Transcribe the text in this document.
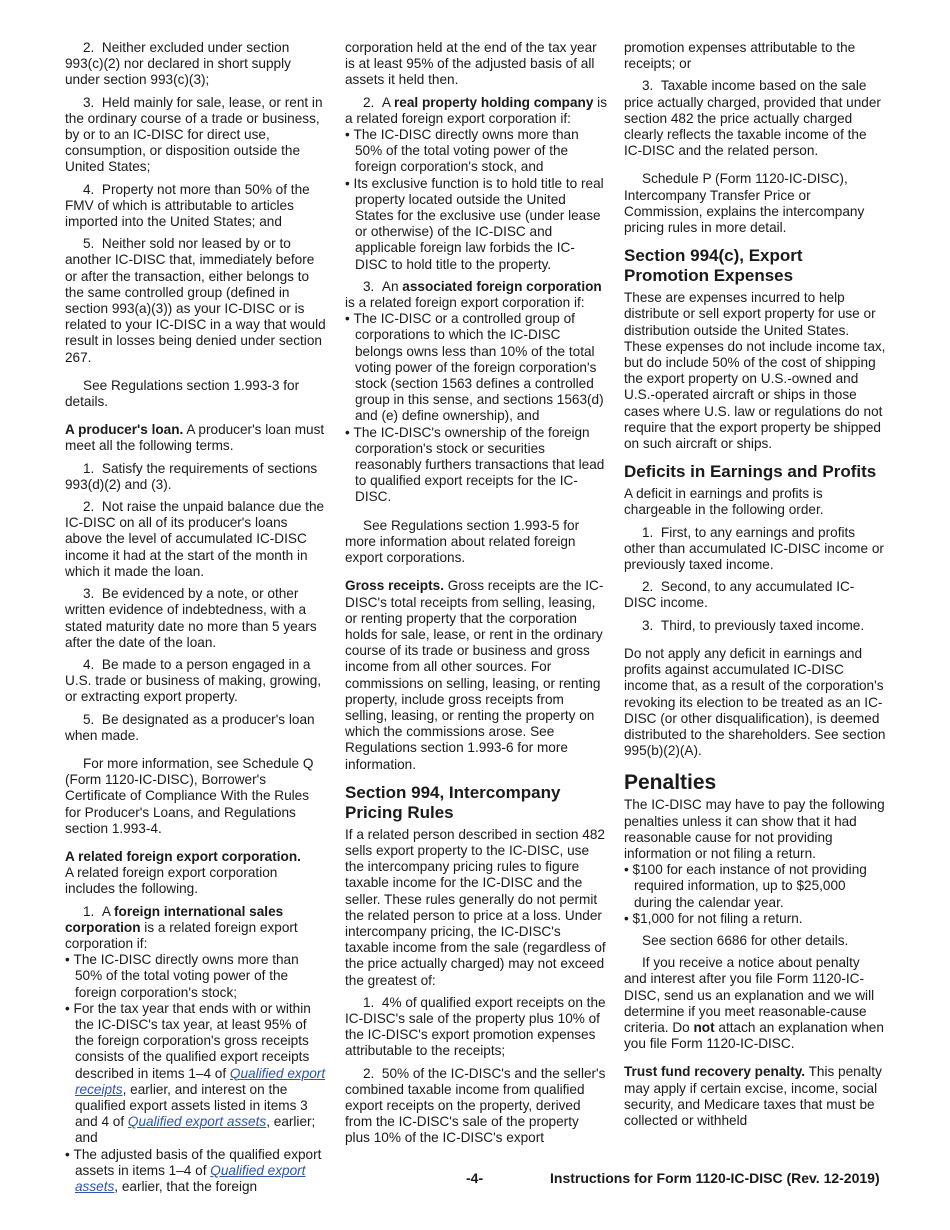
2.  Neither excluded under section 993(c)(2) nor declared in short supply under section 993(c)(3);

3.  Held mainly for sale, lease, or rent in the ordinary course of a trade or business, by or to an IC-DISC for direct use, consumption, or disposition outside the United States;

4.  Property not more than 50% of the FMV of which is attributable to articles imported into the United States; and

5.  Neither sold nor leased by or to another IC-DISC that, immediately before or after the transaction, either belongs to the same controlled group (defined in section 993(a)(3)) as your IC-DISC or is related to your IC-DISC in a way that would result in losses being denied under section 267.

See Regulations section 1.993-3 for details.

A producer's loan. A producer's loan must meet all the following terms.

1.  Satisfy the requirements of sections 993(d)(2) and (3).

2.  Not raise the unpaid balance due the IC-DISC on all of its producer's loans above the level of accumulated IC-DISC income it had at the start of the month in which it made the loan.

3.  Be evidenced by a note, or other written evidence of indebtedness, with a stated maturity date no more than 5 years after the date of the loan.

4.  Be made to a person engaged in a U.S. trade or business of making, growing, or extracting export property.

5.  Be designated as a producer's loan when made.

For more information, see Schedule Q (Form 1120-IC-DISC), Borrower's Certificate of Compliance With the Rules for Producer's Loans, and Regulations section 1.993-4.

A related foreign export corporation.
A related foreign export corporation includes the following.

1.  A foreign international sales corporation is a related foreign export corporation if:

• The IC-DISC directly owns more than 50% of the total voting power of the foreign corporation's stock;

• For the tax year that ends with or within the IC-DISC's tax year, at least 95% of the foreign corporation's gross receipts consists of the qualified export receipts described in items 1–4 of Qualified export receipts, earlier, and interest on the qualified export assets listed in items 3 and 4 of Qualified export assets, earlier; and

• The adjusted basis of the qualified export assets in items 1–4 of Qualified export assets, earlier, that the foreign

corporation held at the end of the tax year is at least 95% of the adjusted basis of all assets it held then.

2.  A real property holding company is a related foreign export corporation if:

• The IC-DISC directly owns more than 50% of the total voting power of the foreign corporation's stock, and

• Its exclusive function is to hold title to real property located outside the United States for the exclusive use (under lease or otherwise) of the IC-DISC and applicable foreign law forbids the IC-DISC to hold title to the property.

3.  An associated foreign corporation is a related foreign export corporation if:

• The IC-DISC or a controlled group of corporations to which the IC-DISC belongs owns less than 10% of the total voting power of the foreign corporation's stock (section 1563 defines a controlled group in this sense, and sections 1563(d) and (e) define ownership), and

• The IC-DISC's ownership of the foreign corporation's stock or securities reasonably furthers transactions that lead to qualified export receipts for the IC-DISC.

See Regulations section 1.993-5 for more information about related foreign export corporations.

Gross receipts. Gross receipts are the IC-DISC's total receipts from selling, leasing, or renting property that the corporation holds for sale, lease, or rent in the ordinary course of its trade or business and gross income from all other sources. For commissions on selling, leasing, or renting property, include gross receipts from selling, leasing, or renting the property on which the commissions arose. See Regulations section 1.993-6 for more information.

Section 994, Intercompany Pricing Rules

If a related person described in section 482 sells export property to the IC-DISC, use the intercompany pricing rules to figure taxable income for the IC-DISC and the seller. These rules generally do not permit the related person to price at a loss. Under intercompany pricing, the IC-DISC's taxable income from the sale (regardless of the price actually charged) may not exceed the greatest of:

1.  4% of qualified export receipts on the IC-DISC's sale of the property plus 10% of the IC-DISC's export promotion expenses attributable to the receipts;

2.  50% of the IC-DISC's and the seller's combined taxable income from qualified export receipts on the property, derived from the IC-DISC's sale of the property plus 10% of the IC-DISC's export

promotion expenses attributable to the receipts; or

3.  Taxable income based on the sale price actually charged, provided that under section 482 the price actually charged clearly reflects the taxable income of the IC-DISC and the related person.

Schedule P (Form 1120-IC-DISC), Intercompany Transfer Price or Commission, explains the intercompany pricing rules in more detail.

Section 994(c), Export Promotion Expenses

These are expenses incurred to help distribute or sell export property for use or distribution outside the United States. These expenses do not include income tax, but do include 50% of the cost of shipping the export property on U.S.-owned and U.S.-operated aircraft or ships in those cases where U.S. law or regulations do not require that the export property be shipped on such aircraft or ships.

Deficits in Earnings and Profits

A deficit in earnings and profits is chargeable in the following order.

1.  First, to any earnings and profits other than accumulated IC-DISC income or previously taxed income.

2.  Second, to any accumulated IC-DISC income.

3.  Third, to previously taxed income.

Do not apply any deficit in earnings and profits against accumulated IC-DISC income that, as a result of the corporation's revoking its election to be treated as an IC-DISC (or other disqualification), is deemed distributed to the shareholders. See section 995(b)(2)(A).

Penalties

The IC-DISC may have to pay the following penalties unless it can show that it had reasonable cause for not providing information or not filing a return.

• $100 for each instance of not providing required information, up to $25,000 during the calendar year.

• $1,000 for not filing a return.

See section 6686 for other details.

If you receive a notice about penalty and interest after you file Form 1120-IC-DISC, send us an explanation and we will determine if you meet reasonable-cause criteria. Do not attach an explanation when you file Form 1120-IC-DISC.

Trust fund recovery penalty. This penalty may apply if certain excise, income, social security, and Medicare taxes that must be collected or withheld

-4-	Instructions for Form 1120-IC-DISC (Rev. 12-2019)
